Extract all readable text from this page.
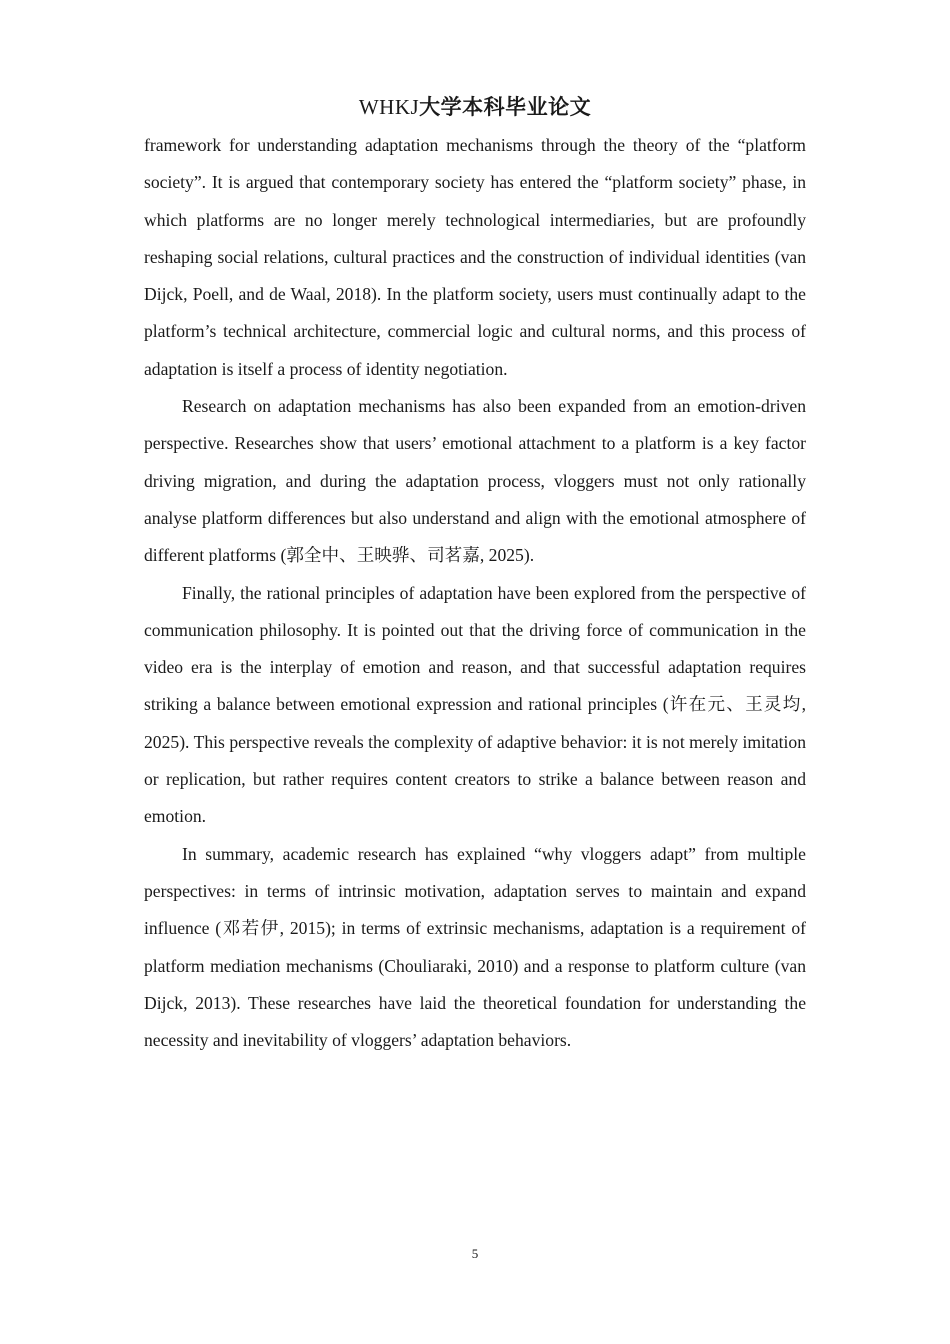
WHKJ大学本科毕业论文

framework for understanding adaptation mechanisms through the theory of the “platform society”. It is argued that contemporary society has entered the “platform society” phase, in which platforms are no longer merely technological intermediaries, but are profoundly reshaping social relations, cultural practices and the construction of individual identities (van Dijck, Poell, and de Waal, 2018). In the platform society, users must continually adapt to the platform’s technical architecture, commercial logic and cultural norms, and this process of adaptation is itself a process of identity negotiation.

Research on adaptation mechanisms has also been expanded from an emotion-driven perspective. Researches show that users’ emotional attachment to a platform is a key factor driving migration, and during the adaptation process, vloggers must not only rationally analyse platform differences but also understand and align with the emotional atmosphere of different platforms (郭全中、王映骅、司茗嘉, 2025).

Finally, the rational principles of adaptation have been explored from the perspective of communication philosophy. It is pointed out that the driving force of communication in the video era is the interplay of emotion and reason, and that successful adaptation requires striking a balance between emotional expression and rational principles (许在元、王灵均, 2025). This perspective reveals the complexity of adaptive behavior: it is not merely imitation or replication, but rather requires content creators to strike a balance between reason and emotion.

In summary, academic research has explained “why vloggers adapt” from multiple perspectives: in terms of intrinsic motivation, adaptation serves to maintain and expand influence (邓若伊, 2015); in terms of extrinsic mechanisms, adaptation is a requirement of platform mediation mechanisms (Chouliaraki, 2010) and a response to platform culture (van Dijck, 2013). These researches have laid the theoretical foundation for understanding the necessity and inevitability of vloggers’ adaptation behaviors.

5
